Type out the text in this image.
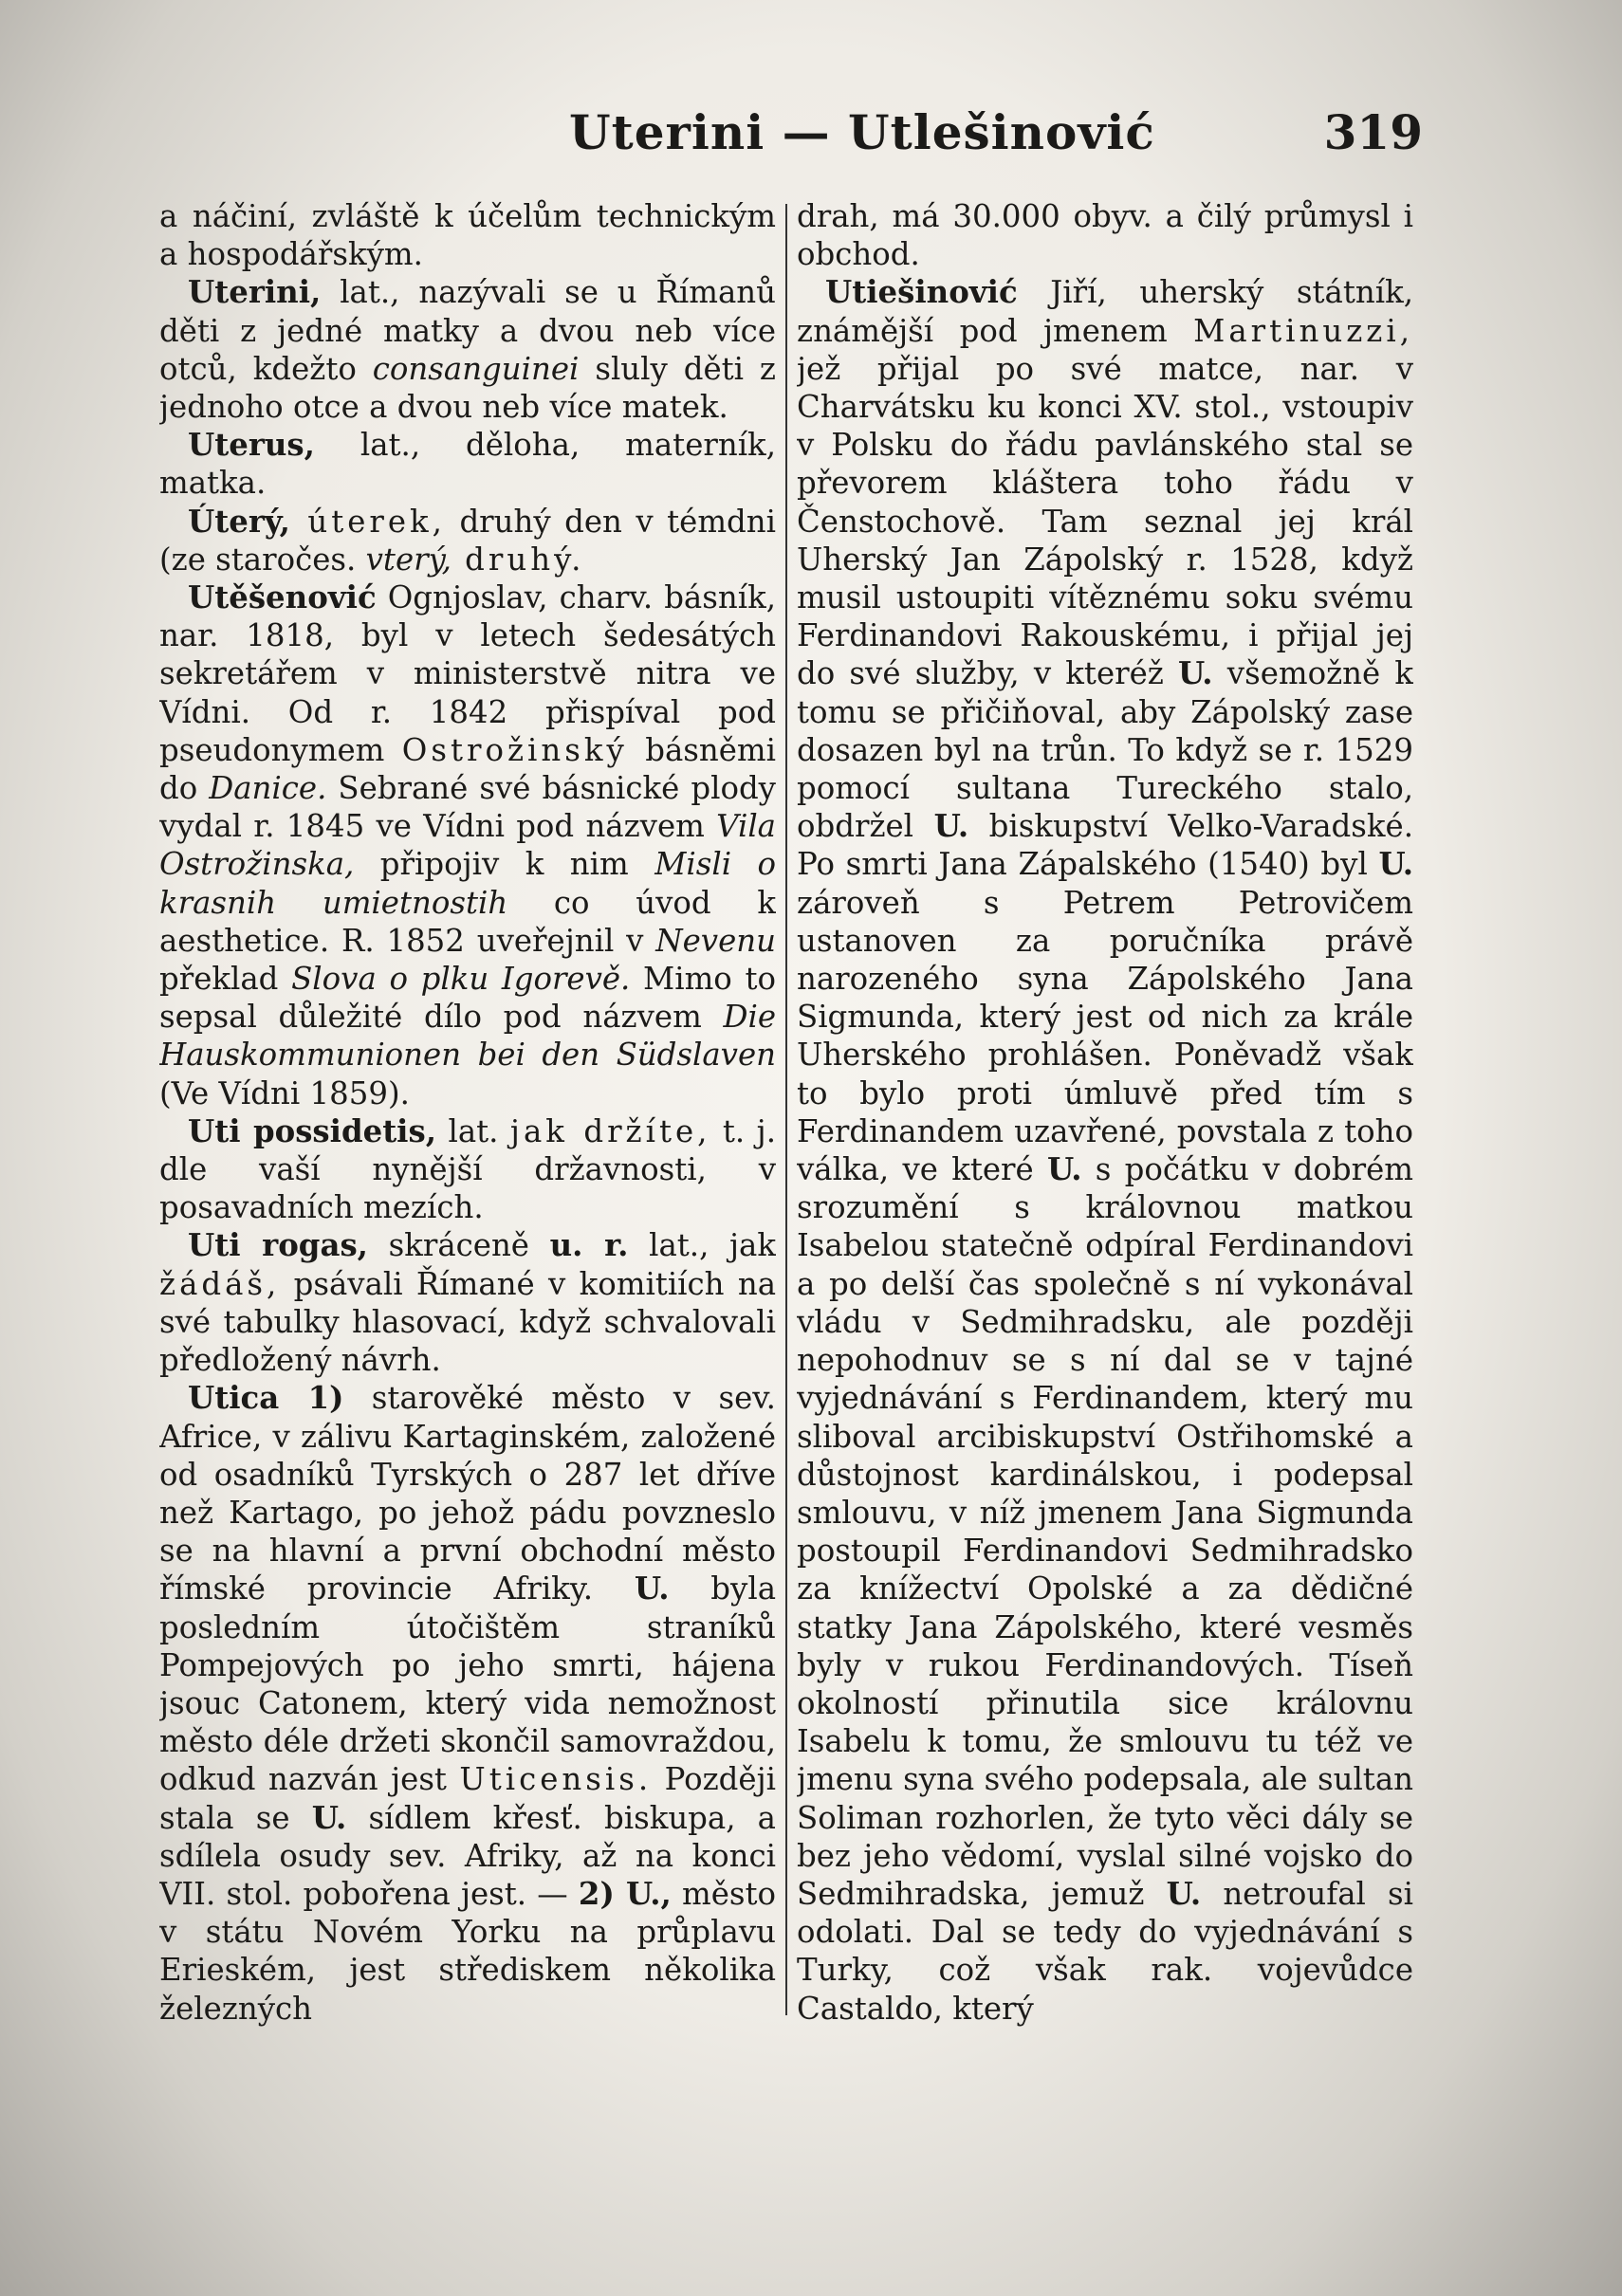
Uterini — Utlešinović	319

a náčiní, zvláště k účelům technickým a hospodářským.

Uterini, lat., nazývali se u Římanů děti z jedné matky a dvou neb více otců, kdežto consanguinei sluly děti z jednoho otce a dvou neb více matek.

Uterus, lat., děloha, materník, matka.

Úterý, úterek, druhý den v témdni (ze staročes. vterý, druhý.

Utěšenović Ognjoslav, charv. básník, nar. 1818, byl v letech šedesátých sekretářem v ministerstvě nitra ve Vídni. Od r. 1842 přispíval pod pseudonymem Ostrožinský básněmi do Danice. Sebrané své básnické plody vydal r. 1845 ve Vídni pod názvem Vila Ostrožinska, připojiv k nim Misli o krasnih umietnostih co úvod k aesthetice. R. 1852 uveřejnil v Nevenu překlad Slova o plku Igorevě. Mimo to sepsal důležité dílo pod názvem Die Hauskommunionen bei den Südslaven (Ve Vídni 1859).

Uti possidetis, lat. jak držíte, t. j. dle vaší nynější državnosti, v posavadních mezích.

Uti rogas, skráceně u. r. lat., jak žádáš, psávali Římané v komitiích na své tabulky hlasovací, když schvalovali předložený návrh.

Utica 1) starověké město v sev. Africe, v zálivu Kartaginském, založené od osadníků Tyrských o 287 let dříve než Kartago, po jehož pádu povzneslo se na hlavní a první obchodní město římské provincie Afriky. U. byla posledním útočištěm straníků Pompejových po jeho smrti, hájena jsouc Catonem, který vida nemožnost město déle držeti skončil samovraždou, odkud nazván jest Uticensis. Později stala se U. sídlem křesť. biskupa, a sdílela osudy sev. Afriky, až na konci VII. stol. pobořena jest. — 2) U., město v státu Novém Yorku na průplavu Erieském, jest střediskem několika železných

drah, má 30.000 obyv. a čilý průmysl i obchod.

Utiešinović Jiří, uherský státník, známější pod jmenem Martinuzzi, jež přijal po své matce, nar. v Charvátsku ku konci XV. stol., vstoupiv v Polsku do řádu pavlánského stal se převorem kláštera toho řádu v Čenstochově. Tam seznal jej král Uherský Jan Zápolský r. 1528, když musil ustoupiti vítěznému soku svému Ferdinandovi Rakouskému, i přijal jej do své služby, v kteréž U. všemožně k tomu se přičiňoval, aby Zápolský zase dosazen byl na trůn. To když se r. 1529 pomocí sultana Tureckého stalo, obdržel U. biskupství Velko-Varadské. Po smrti Jana Zápalského (1540) byl U. zároveň s Petrem Petrovičem ustanoven za poručníka právě narozeného syna Zápolského Jana Sigmunda, který jest od nich za krále Uherského prohlášen. Poněvadž však to bylo proti úmluvě před tím s Ferdinandem uzavřené, povstala z toho válka, ve které U. s počátku v dobrém srozumění s královnou matkou Isabelou statečně odpíral Ferdinandovi a po delší čas společně s ní vykonával vládu v Sedmihradsku, ale později nepohodnuv se s ní dal se v tajné vyjednávání s Ferdinandem, který mu sliboval arcibiskupství Ostřihomské a důstojnost kardinálskou, i podepsal smlouvu, v níž jmenem Jana Sigmunda postoupil Ferdinandovi Sedmihradsko za knížectví Opolské a za dědičné statky Jana Zápolského, které vesměs byly v rukou Ferdinandových. Tíseň okolností přinutila sice královnu Isabelu k tomu, že smlouvu tu též ve jmenu syna svého podepsala, ale sultan Soliman rozhorlen, že tyto věci dály se bez jeho vědomí, vyslal silné vojsko do Sedmihradska, jemuž U. netroufal si odolati. Dal se tedy do vyjednávání s Turky, což však rak. vojevůdce Castaldo, který
